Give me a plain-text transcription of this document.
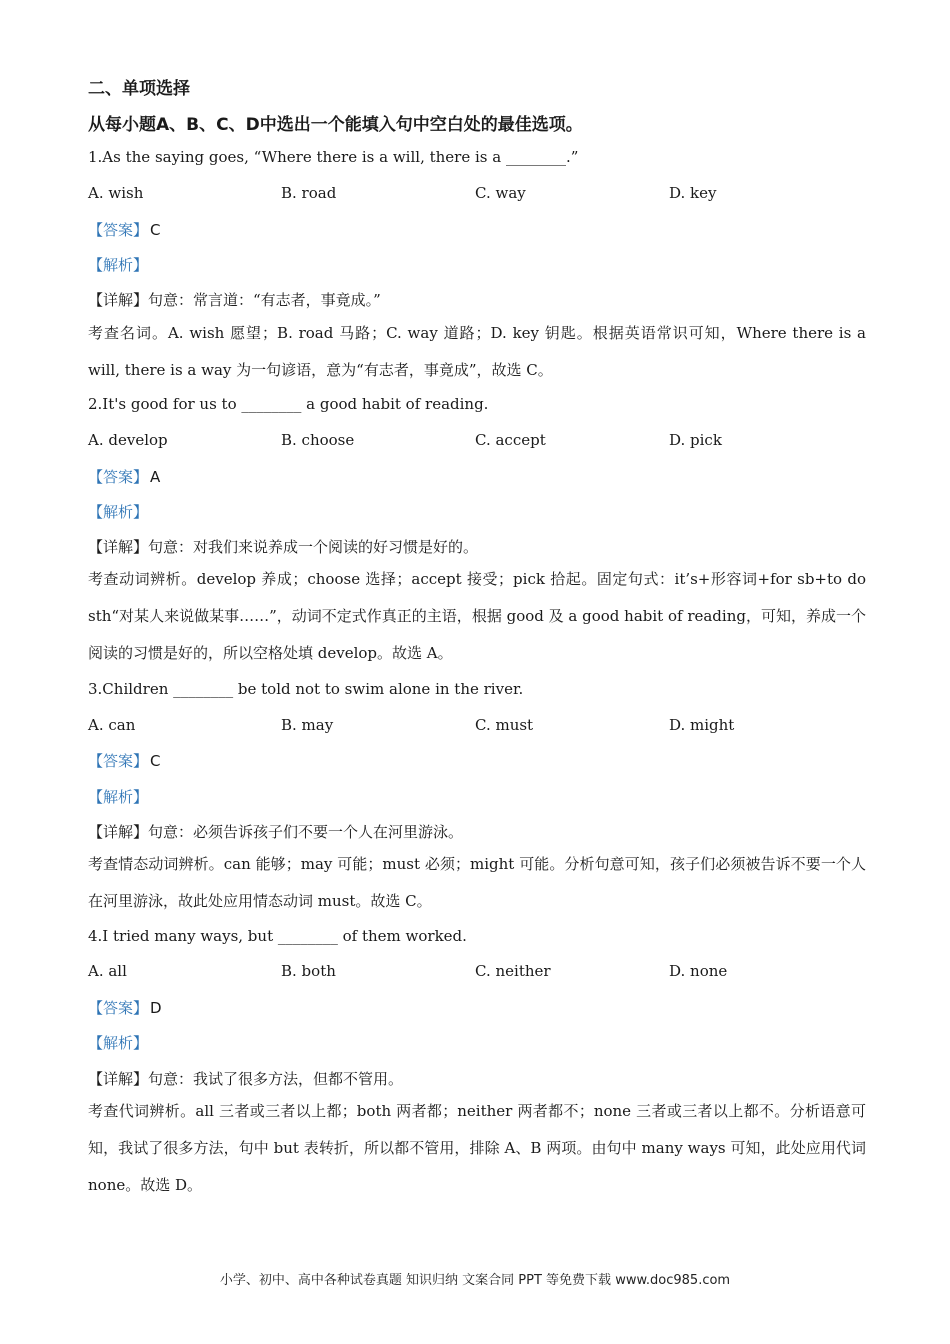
二、单项选择
从每小题A、B、C、D中选出一个能填入句中空白处的最佳选项。
1.As the saying goes, “Where there is a will, there is a ________.”
A. wish	B. road	C. way	D. key
【答案】 C
【解析】
【详解】句意：常言道：“有志者，事竟成。”
考查名词。A. wish 愿望；B. road 马路；C. way 道路；D. key 钥匙。根据英语常识可知，Where there is a will, there is a way 为一句谚语，意为“有志者，事竟成”，故选 C。
2.It's good for us to ________ a good habit of reading.
A. develop	B. choose	C. accept	D. pick
【答案】 A
【解析】
【详解】句意：对我们来说养成一个阅读的好习惯是好的。
考查动词辨析。develop 养成；choose 选择；accept 接受；pick 拾起。固定句式：it’s+形容词+for sb+to do sth“对某人来说做某事……”，动词不定式作真正的主语，根据 good 及 a good habit of reading，可知，养成一个阅读的习惯是好的，所以空格处填 develop。故选 A。
3.Children ________ be told not to swim alone in the river.
A. can	B. may	C. must	D. might
【答案】 C
【解析】
【详解】句意：必须告诉孩子们不要一个人在河里游泳。
考查情态动词辨析。can 能够；may 可能；must 必须；might 可能。分析句意可知，孩子们必须被告诉不要一个人在河里游泳，故此处应用情态动词 must。故选 C。
4.I tried many ways, but ________ of them worked.
A. all	B. both	C. neither	D. none
【答案】 D
【解析】
【详解】句意：我试了很多方法，但都不管用。
考查代词辨析。all 三者或三者以上都；both 两者都；neither 两者都不；none 三者或三者以上都不。分析语意可知，我试了很多方法，句中 but 表转折，所以都不管用，排除 A、B 两项。由句中 many ways 可知，此处应用代词 none。故选 D。
小学、初中、高中各种试卷真题 知识归纳 文案合同 PPT 等免费下载 www.doc985.com
